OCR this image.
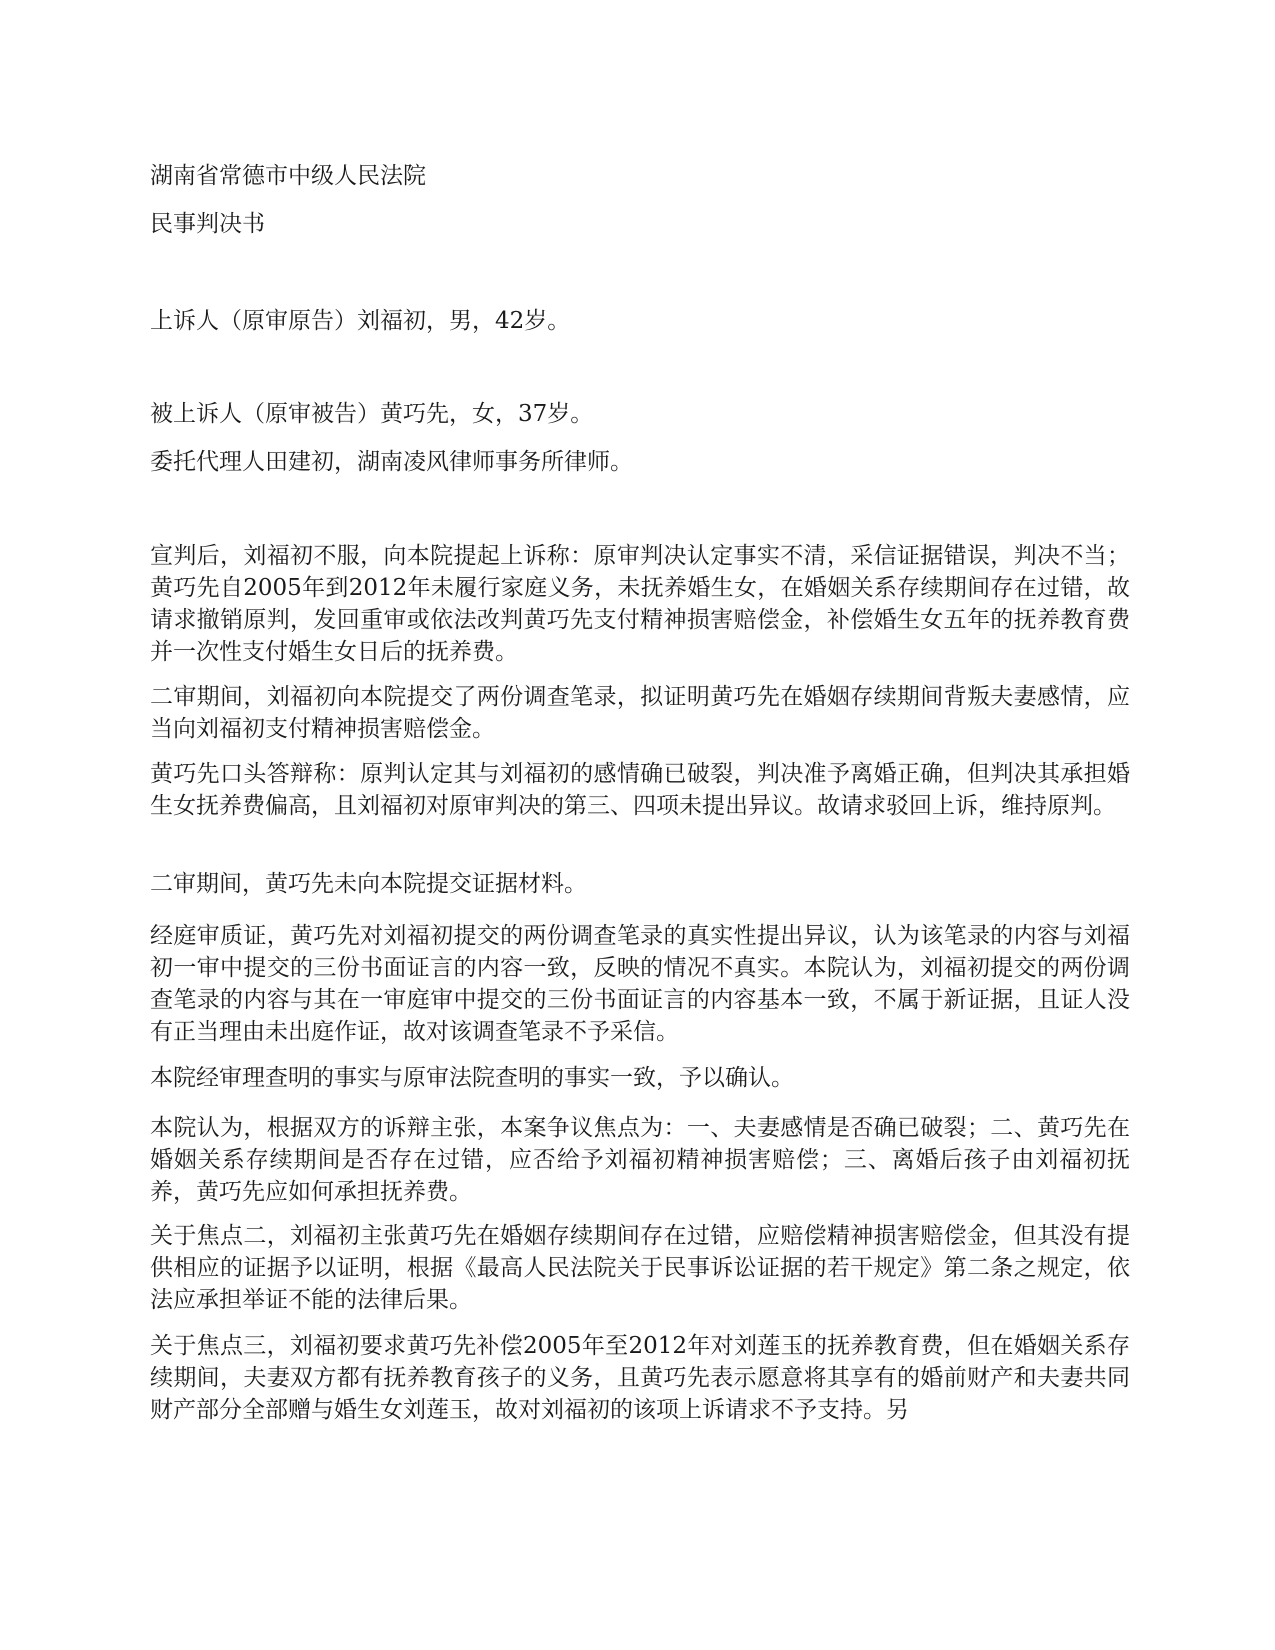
湖南省常德市中级人民法院

民事判决书

上诉人（原审原告）刘福初，男，42岁。

被上诉人（原审被告）黄巧先，女，37岁。

委托代理人田建初，湖南凌风律师事务所律师。

宣判后，刘福初不服，向本院提起上诉称：原审判决认定事实不清，采信证据错误，判决不当；黄巧先自2005年到2012年未履行家庭义务，未抚养婚生女，在婚姻关系存续期间存在过错，故请求撤销原判，发回重审或依法改判黄巧先支付精神损害赔偿金，补偿婚生女五年的抚养教育费并一次性支付婚生女日后的抚养费。

二审期间，刘福初向本院提交了两份调查笔录，拟证明黄巧先在婚姻存续期间背叛夫妻感情，应当向刘福初支付精神损害赔偿金。

黄巧先口头答辩称：原判认定其与刘福初的感情确已破裂，判决准予离婚正确，但判决其承担婚生女抚养费偏高，且刘福初对原审判决的第三、四项未提出异议。故请求驳回上诉，维持原判。

二审期间，黄巧先未向本院提交证据材料。

经庭审质证，黄巧先对刘福初提交的两份调查笔录的真实性提出异议，认为该笔录的内容与刘福初一审中提交的三份书面证言的内容一致，反映的情况不真实。本院认为，刘福初提交的两份调查笔录的内容与其在一审庭审中提交的三份书面证言的内容基本一致，不属于新证据，且证人没有正当理由未出庭作证，故对该调查笔录不予采信。

本院经审理查明的事实与原审法院查明的事实一致，予以确认。

本院认为，根据双方的诉辩主张，本案争议焦点为：一、夫妻感情是否确已破裂；二、黄巧先在婚姻关系存续期间是否存在过错，应否给予刘福初精神损害赔偿；三、离婚后孩子由刘福初抚养，黄巧先应如何承担抚养费。

关于焦点二，刘福初主张黄巧先在婚姻存续期间存在过错，应赔偿精神损害赔偿金，但其没有提供相应的证据予以证明，根据《最高人民法院关于民事诉讼证据的若干规定》第二条之规定，依法应承担举证不能的法律后果。

关于焦点三，刘福初要求黄巧先补偿2005年至2012年对刘莲玉的抚养教育费，但在婚姻关系存续期间，夫妻双方都有抚养教育孩子的义务，且黄巧先表示愿意将其享有的婚前财产和夫妻共同财产部分全部赠与婚生女刘莲玉，故对刘福初的该项上诉请求不予支持。另
